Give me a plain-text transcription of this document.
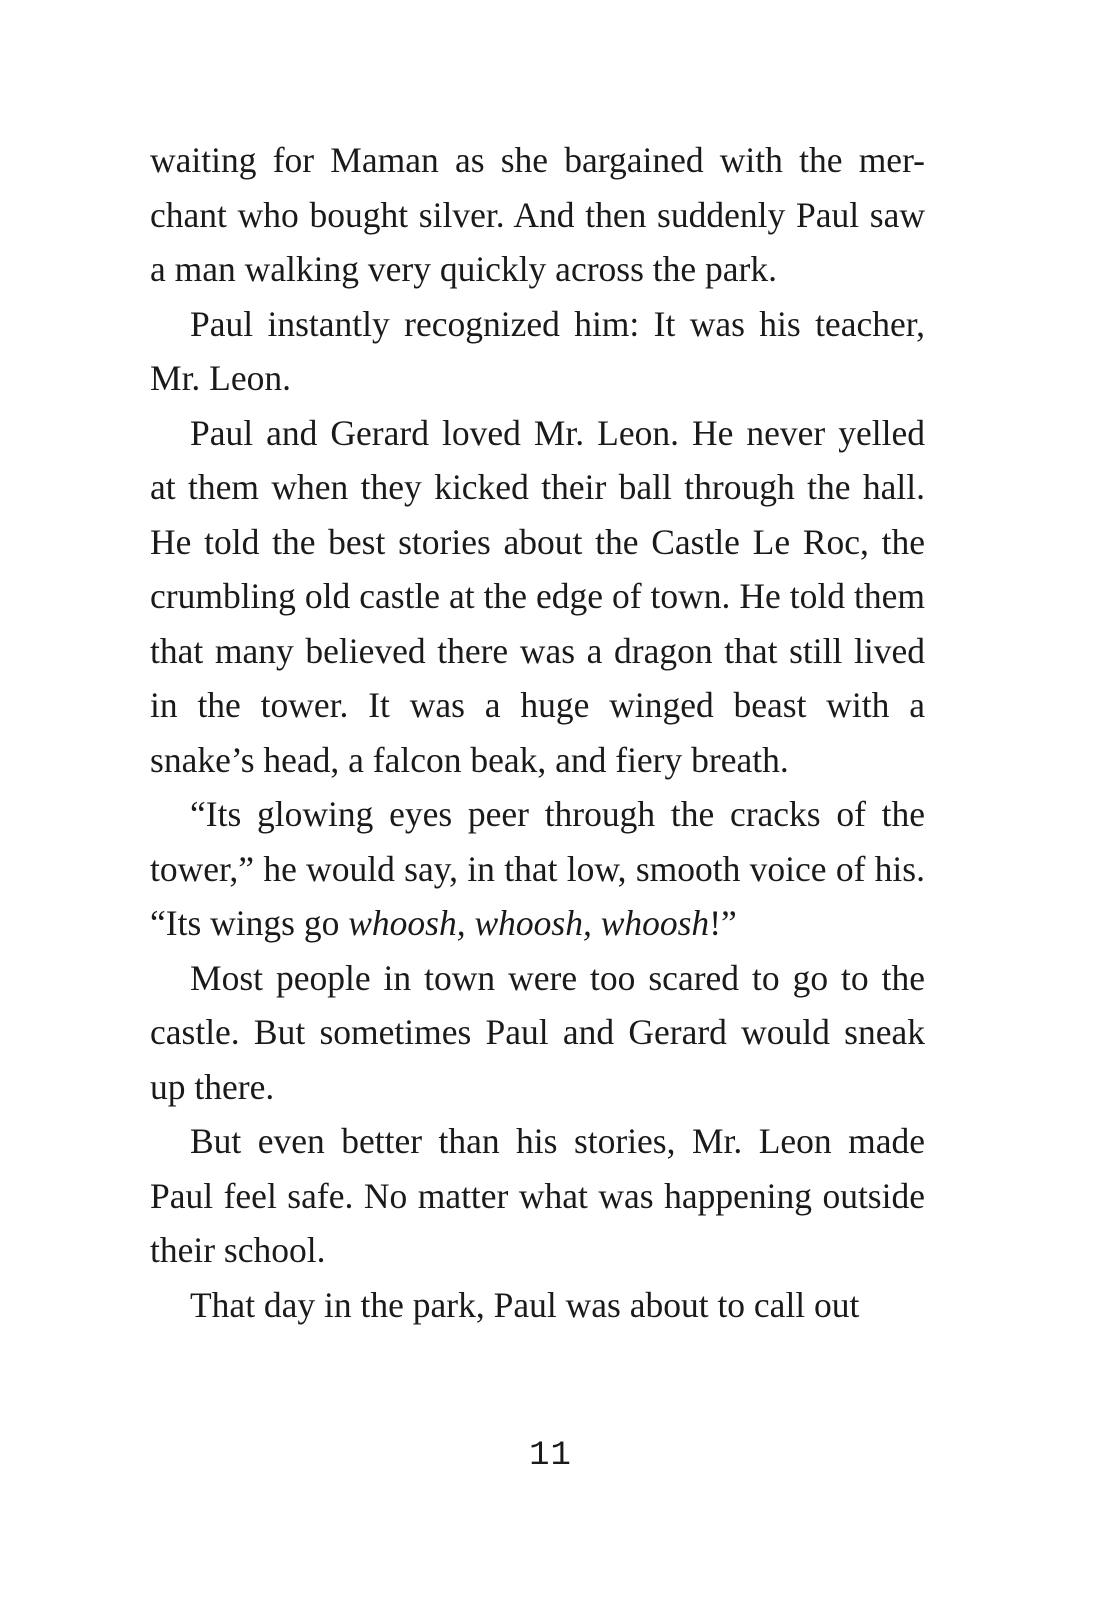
waiting for Maman as she bargained with the mer-chant who bought silver. And then suddenly Paul saw a man walking very quickly across the park.

Paul instantly recognized him: It was his teacher, Mr. Leon.

Paul and Gerard loved Mr. Leon. He never yelled at them when they kicked their ball through the hall. He told the best stories about the Castle Le Roc, the crumbling old castle at the edge of town. He told them that many believed there was a dragon that still lived in the tower. It was a huge winged beast with a snake’s head, a falcon beak, and fiery breath.

“Its glowing eyes peer through the cracks of the tower,” he would say, in that low, smooth voice of his. “Its wings go whoosh, whoosh, whoosh!”

Most people in town were too scared to go to the castle. But sometimes Paul and Gerard would sneak up there.

But even better than his stories, Mr. Leon made Paul feel safe. No matter what was happening outside their school.

That day in the park, Paul was about to call out

11
